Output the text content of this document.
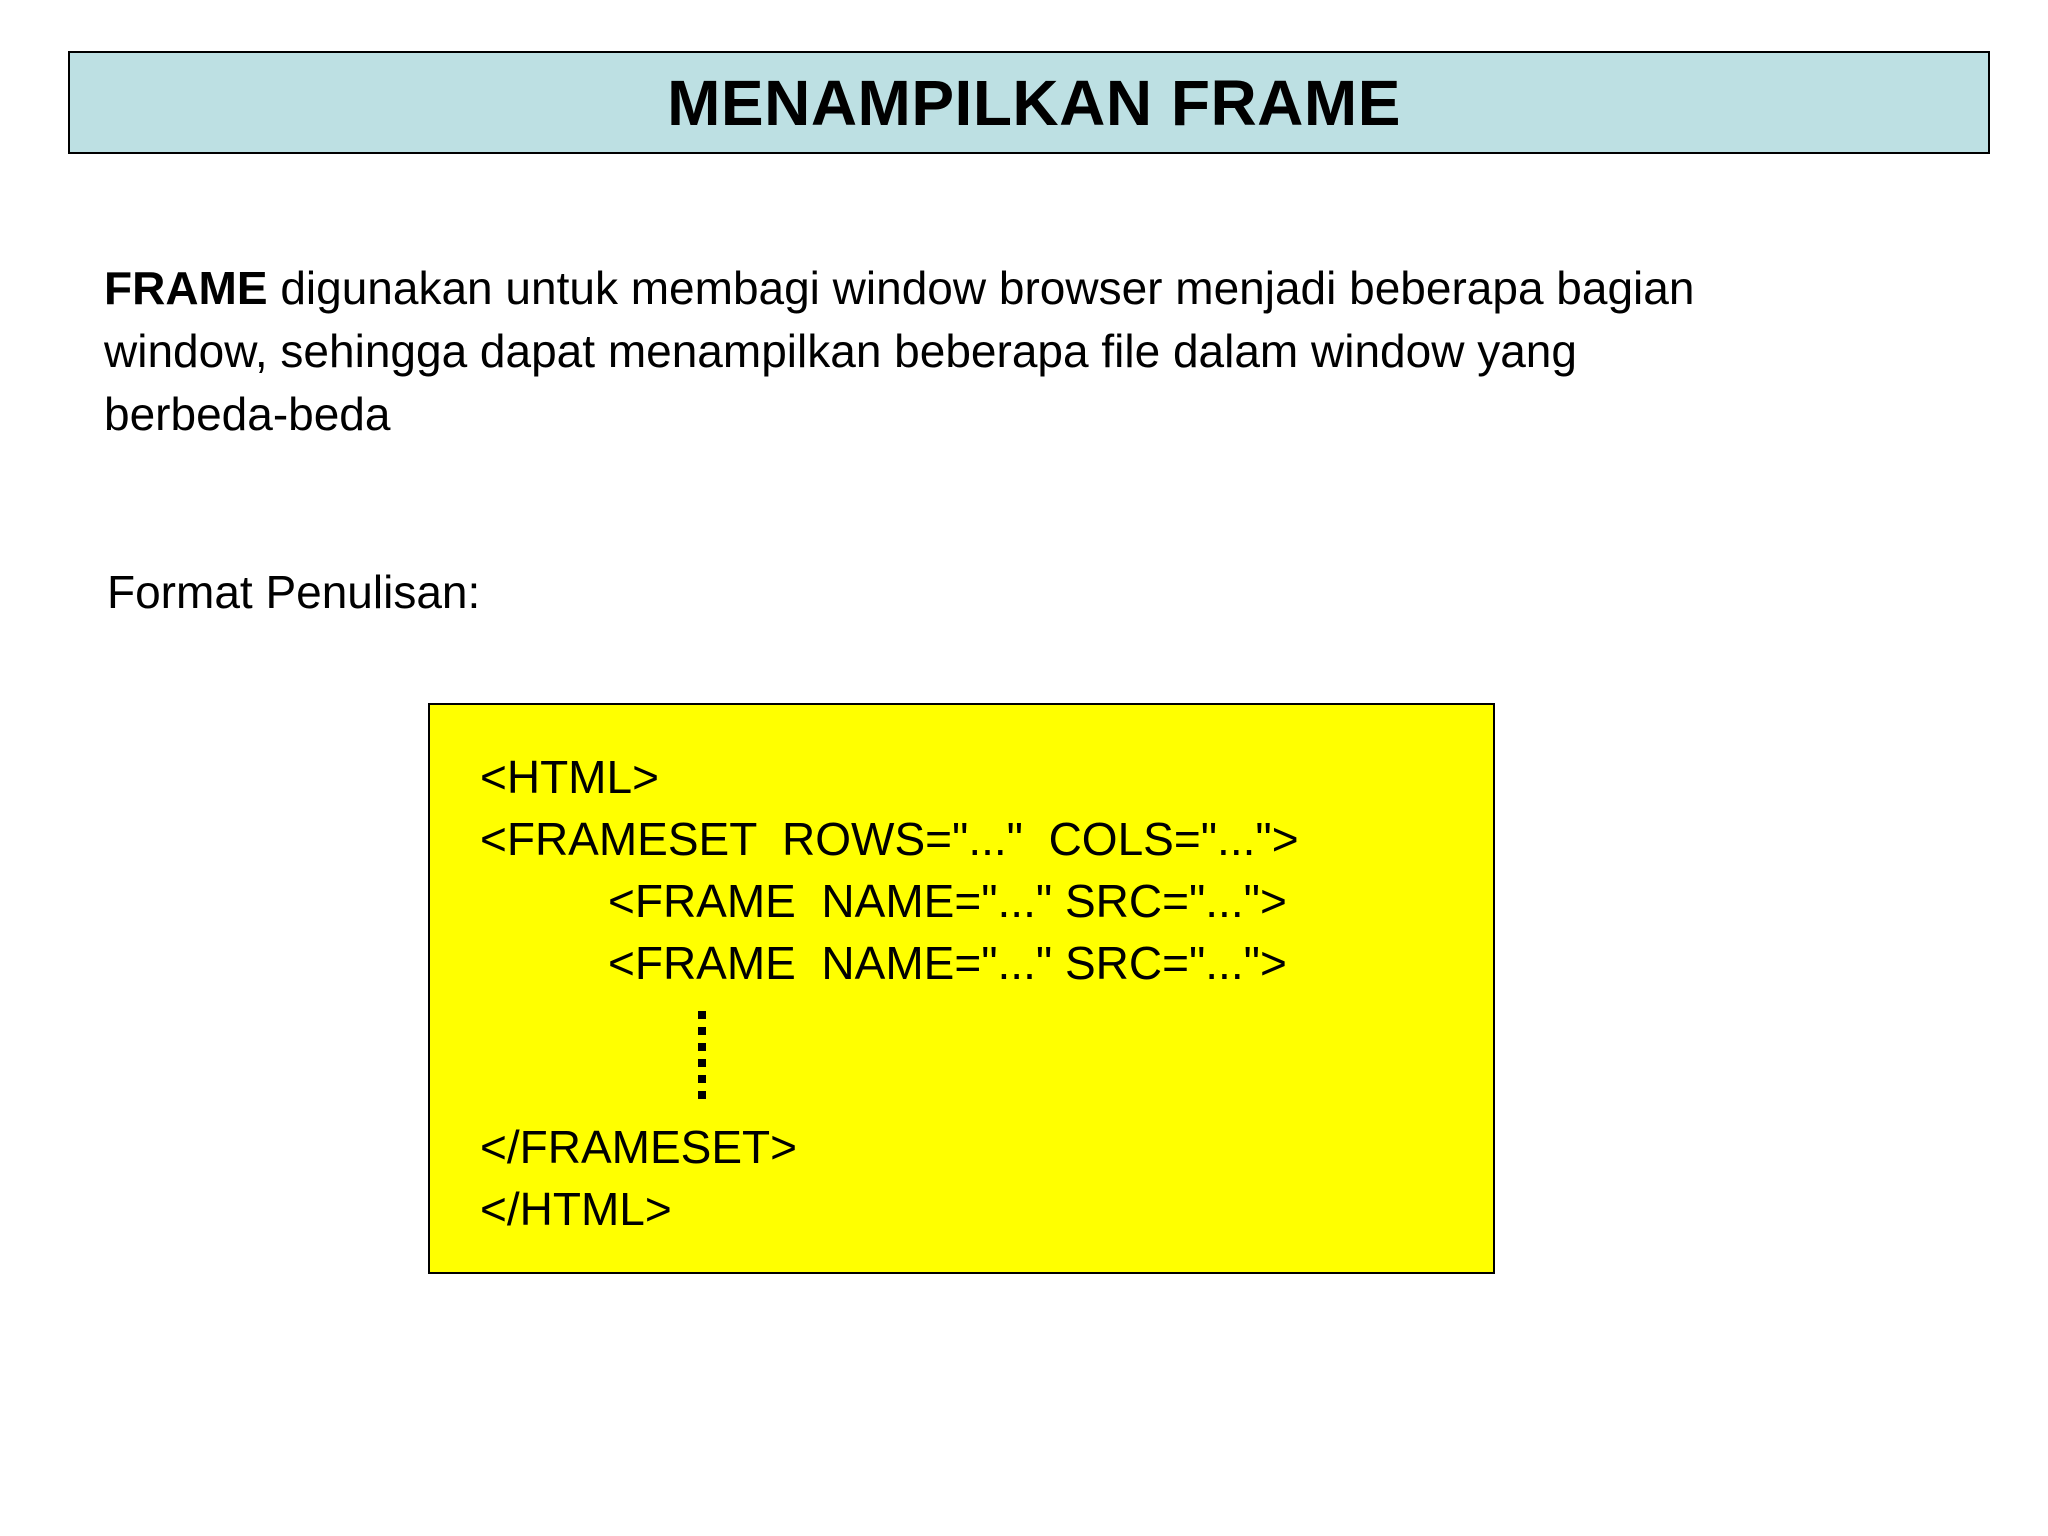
MENAMPILKAN FRAME

FRAME digunakan untuk membagi window browser menjadi beberapa bagian
window, sehingga dapat menampilkan beberapa file dalam window yang
berbeda-beda

Format Penulisan:

<HTML>
<FRAMESET  ROWS="..."  COLS="...">
<FRAME  NAME="..." SRC="...">
<FRAME  NAME="..." SRC="...">
</FRAMESET>
</HTML>
